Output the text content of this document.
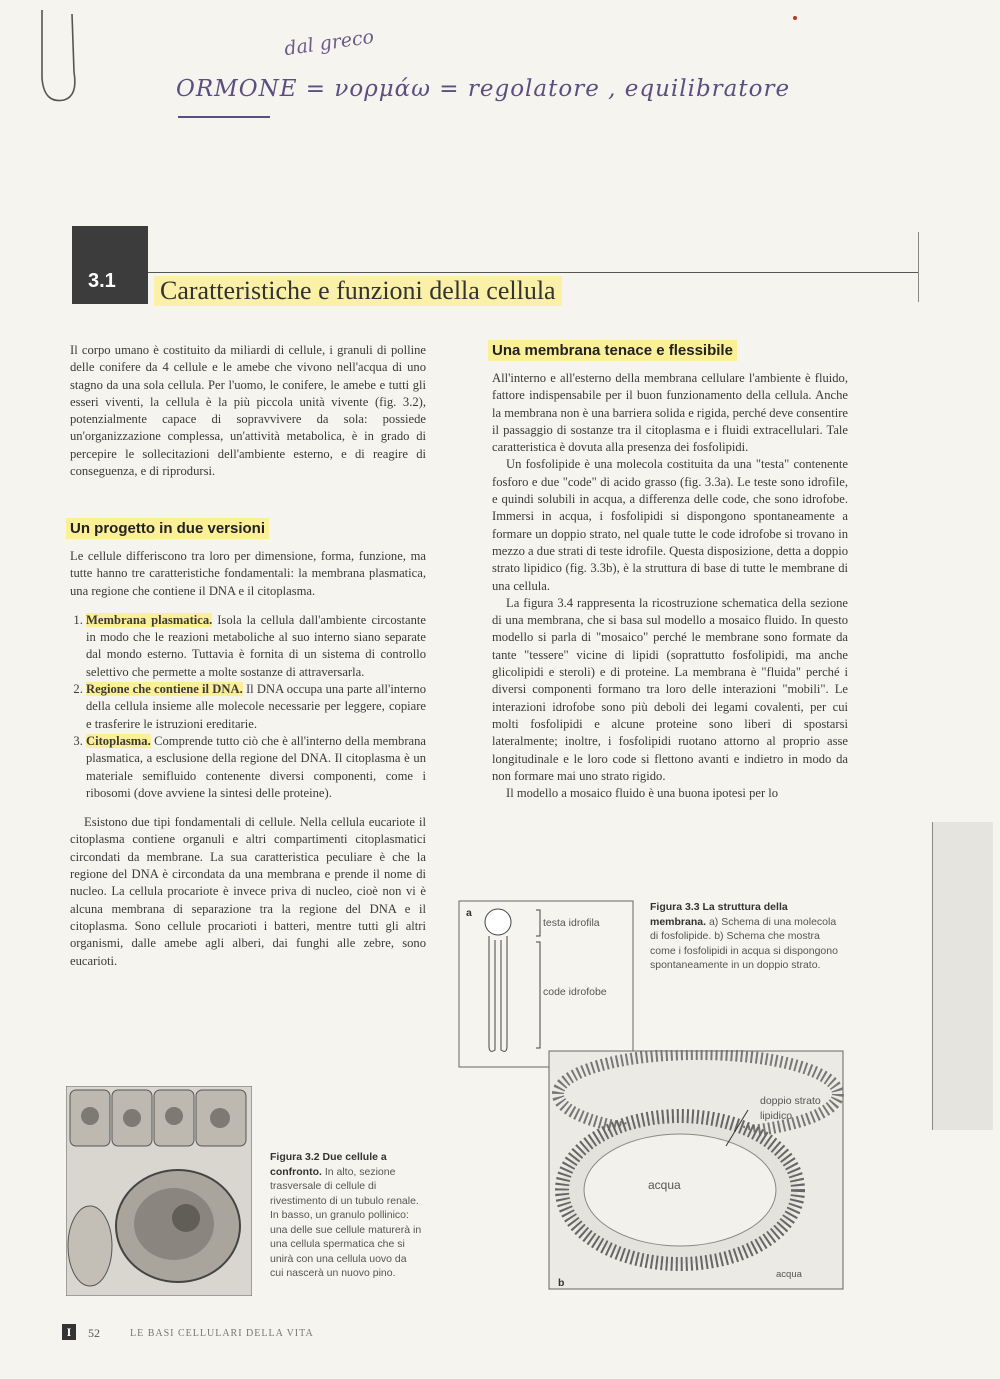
dal greco
ORMONE = νορμάω = regolatore , equilibratore
3.1 Caratteristiche e funzioni della cellula

Il corpo umano è costituito da miliardi di cellule, i granuli di polline delle conifere da 4 cellule e le amebe che vivono nell'acqua di uno stagno da una sola cellula. Per l'uomo, le conifere, le amebe e tutti gli esseri viventi, la cellula è la più piccola unità vivente (fig. 3.2), potenzialmente capace di sopravvivere da sola: possiede un'organizzazione complessa, un'attività metabolica, è in grado di percepire le sollecitazioni dell'ambiente esterno, e di reagire di conseguenza, e di riprodursi.

Un progetto in due versioni

Le cellule differiscono tra loro per dimensione, forma, funzione, ma tutte hanno tre caratteristiche fondamentali: la membrana plasmatica, una regione che contiene il DNA e il citoplasma.

1. Membrana plasmatica. Isola la cellula dall'ambiente circostante in modo che le reazioni metaboliche al suo interno siano separate dal mondo esterno. Tuttavia è fornita di un sistema di controllo selettivo che permette a molte sostanze di attraversarla.
2. Regione che contiene il DNA. Il DNA occupa una parte all'interno della cellula insieme alle molecole necessarie per leggere, copiare e trasferire le istruzioni ereditarie.
3. Citoplasma. Comprende tutto ciò che è all'interno della membrana plasmatica, a esclusione della regione del DNA. Il citoplasma è un materiale semifluido contenente diversi componenti, come i ribosomi (dove avviene la sintesi delle proteine).

Esistono due tipi fondamentali di cellule. Nella cellula eucariote il citoplasma contiene organuli e altri compartimenti citoplasmatici circondati da membrane. La sua caratteristica peculiare è che la regione del DNA è circondata da una membrana e prende il nome di nucleo. La cellula procariote è invece priva di nucleo, cioè non vi è alcuna membrana di separazione tra la regione del DNA e il citoplasma. Sono cellule procarioti i batteri, mentre tutti gli altri organismi, dalle amebe agli alberi, dai funghi alle zebre, sono eucarioti.

Figura 3.2 Due cellule a confronto. In alto, sezione trasversale di cellule di rivestimento di un tubulo renale. In basso, un granulo pollinico: una delle sue cellule maturerà in una cellula spermatica che si unirà con una cellula uovo da cui nascerà un nuovo pino.
Una membrana tenace e flessibile

All'interno e all'esterno della membrana cellulare l'ambiente è fluido, fattore indispensabile per il buon funzionamento della cellula. Anche la membrana non è una barriera solida e rigida, perché deve consentire il passaggio di sostanze tra il citoplasma e i fluidi extracellulari. Tale caratteristica è dovuta alla presenza dei fosfolipidi.

Un fosfolipide è una molecola costituita da una "testa" contenente fosforo e due "code" di acido grasso (fig. 3.3a). Le teste sono idrofile, e quindi solubili in acqua, a differenza delle code, che sono idrofobe. Immersi in acqua, i fosfolipidi si dispongono spontaneamente a formare un doppio strato, nel quale tutte le code idrofobe si trovano in mezzo a due strati di teste idrofile. Questa disposizione, detta a doppio strato lipidico (fig. 3.3b), è la struttura di base di tutte le membrane di una cellula.

La figura 3.4 rappresenta la ricostruzione schematica della sezione di una membrana, che si basa sul modello a mosaico fluido. In questo modello si parla di "mosaico" perché le membrane sono formate da tante "tessere" vicine di lipidi (soprattutto fosfolipidi, ma anche glicolipidi e steroli) e di proteine. La membrana è "fluida" perché i diversi componenti formano tra loro delle interazioni "mobili". Le interazioni idrofobe sono più deboli dei legami covalenti, per cui molti fosfolipidi e alcune proteine sono liberi di spostarsi lateralmente; inoltre, i fosfolipidi ruotano attorno al proprio asse longitudinale e le loro code si flettono avanti e indietro in modo da non formare mai uno strato rigido.

Il modello a mosaico fluido è una buona ipotesi per lo

a
testa idrofila
code idrofobe
Figura 3.3 La struttura della membrana. a) Schema di una molecola di fosfolipide. b) Schema che mostra come i fosfolipidi in acqua si dispongono spontaneamente in un doppio strato.
doppio strato lipidico
acqua
acqua
b
I	52	LE BASI CELLULARI DELLA VITA
